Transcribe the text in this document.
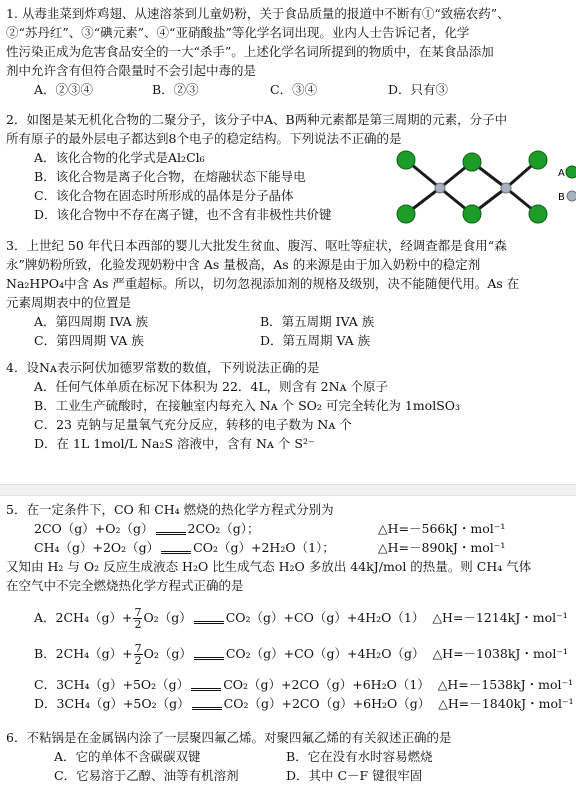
1. 从毒韭菜到炸鸡翅、从速溶茶到儿童奶粉，关于食品质量的报道中不断有①“致癌农药”、
②“苏丹红”、③“碘元素”、④“亚硝酸盐”等化学名词出现。业内人士告诉记者，化学
性污染正成为危害食品安全的一大“杀手”。上述化学名词所提到的物质中，在某食品添加
剂中允许含有但符合限量时不会引起中毒的是
A．②③④	B．②③	C．③④	D．只有③
2．如图是某无机化合物的二聚分子，该分子中A、B两种元素都是第三周期的元素，分子中
所有原子的最外层电子都达到8个电子的稳定结构。下列说法不正确的是
A．该化合物的化学式是Al₂Cl₆
B．该化合物是离子化合物，在熔融状态下能导电
C．该化合物在固态时所形成的晶体是分子晶体
D．该化合物中不存在离子键，也不含有非极性共价键
A
B
3．上世纪 50 年代日本西部的婴儿大批发生贫血、腹泻、呕吐等症状，经调查都是食用“森
永”牌奶粉所致，化验发现奶粉中含 As 量极高，As 的来源是由于加入奶粉中的稳定剂
Na₂HPO₄中含 As 严重超标。所以，切勿忽视添加剂的规格及级别，决不能随便代用。As 在
元素周期表中的位置是
A．第四周期 IVA 族	B．第五周期 IVA 族
C．第四周期 VA 族	D．第五周期 VA 族
4．设Nᴀ表示阿伏加德罗常数的数值，下列说法正确的是
A．任何气体单质在标况下体积为 22．4L，则含有 2Nᴀ 个原子
B．工业生产硫酸时，在接触室内每充入 Nᴀ 个 SO₂ 可完全转化为 1molSO₃
C．23 克钠与足量氧气充分反应，转移的电子数为 Nᴀ 个
D．在 1L 1mol/L Na₂S 溶液中，含有 Nᴀ 个 S²⁻
5．在一定条件下，CO 和 CH₄ 燃烧的热化学方程式分别为
2CO（g）+O₂（g）	2CO₂（g）；	△H=－566kJ・mol⁻¹
CH₄（g）+2O₂（g）	CO₂（g）+2H₂O（1）；	△H=－890kJ・mol⁻¹
又知由 H₂ 与 O₂ 反应生成液态 H₂O 比生成气态 H₂O 多放出 44kJ/mol 的热量。则 CH₄ 气体
在空气中不完全燃烧热化学方程式正确的是
A．$2CH_4(g)+ \frac{7}{2} O_2(g)$	CO₂（g）+CO（g）+4H₂O（1） △H=－1214kJ・mol⁻¹
B．$2CH_4(g)+ \frac{7}{2} O_2(g)$	CO₂（g）+CO（g）+4H₂O（g） △H=－1038kJ・mol⁻¹
C．3CH₄（g）+5O₂（g）	CO₂（g）+2CO（g）+6H₂O（1） △H=－1538kJ・mol⁻¹
D．3CH₄（g）+5O₂（g）	CO₂（g）+2CO（g）+6H₂O（g） △H=－1840kJ・mol⁻¹
6．不粘锅是在金属锅内涂了一层聚四氟乙烯。对聚四氟乙烯的有关叙述正确的是
A．它的单体不含碳碳双键	B．它在没有水时容易燃烧
C．它易溶于乙醇、油等有机溶剂	D．其中 C－F 键很牢固
